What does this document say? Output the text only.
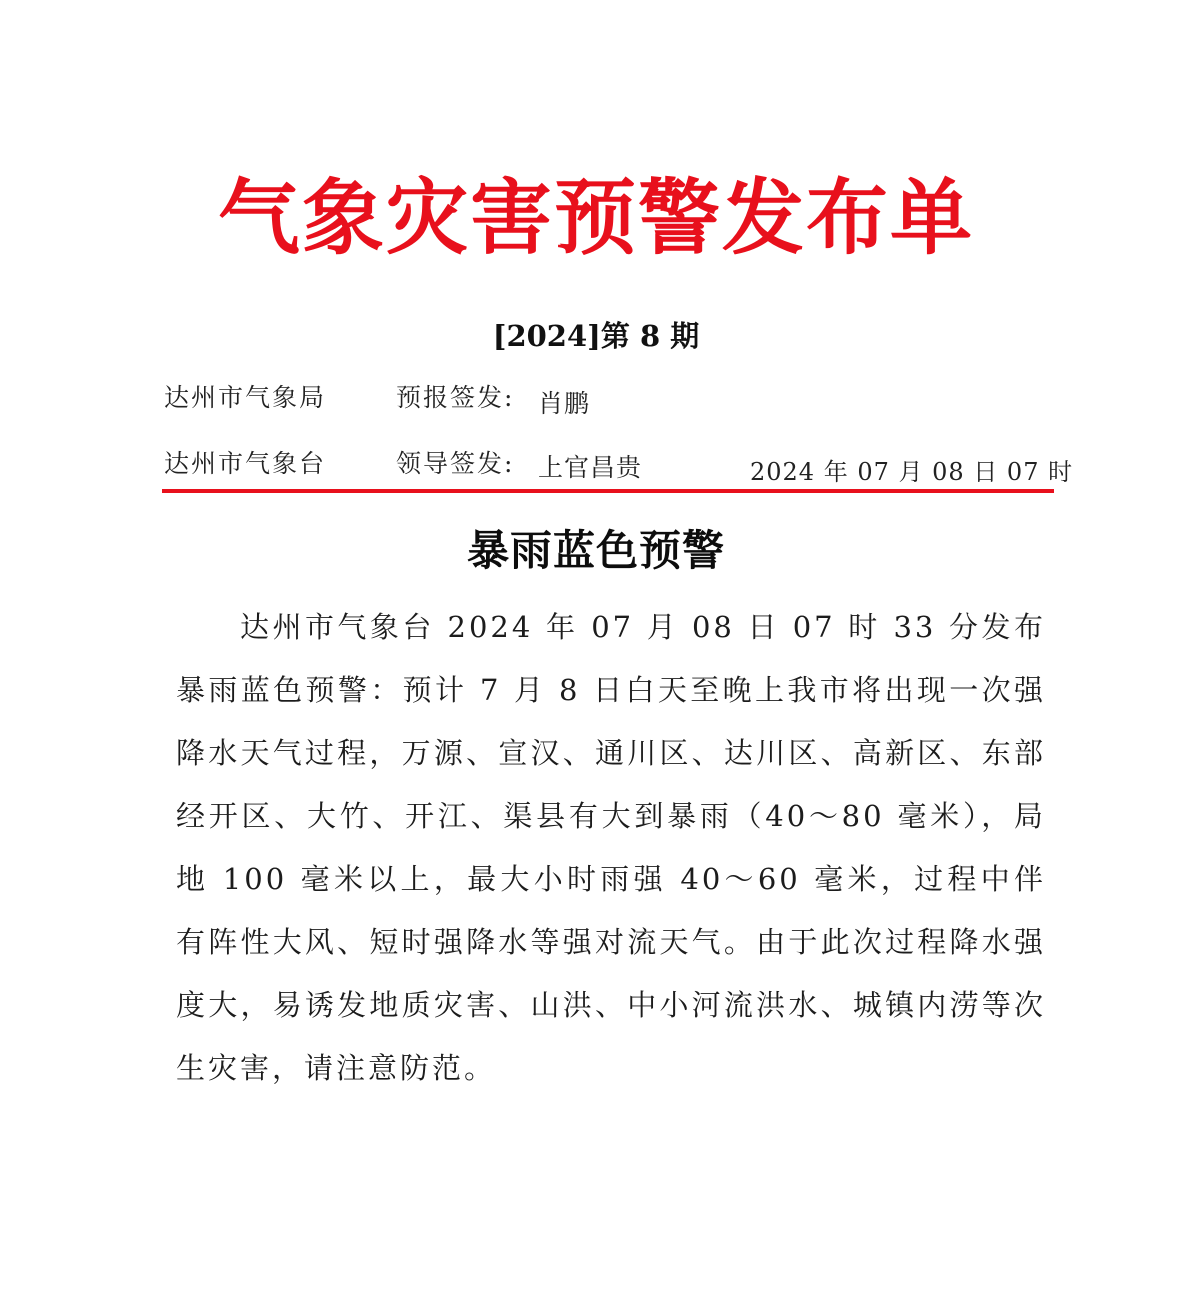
气象灾害预警发布单
[2024]第 8 期
达州市气象局	预报签发: 肖鹏
达州市气象台	领导签发: 上官昌贵	2024 年 07 月 08 日 07 时
暴雨蓝色预警

达州市气象台 2024 年 07 月 08 日 07 时 33 分发布暴雨蓝色预警：预计 7 月 8 日白天至晚上我市将出现一次强降水天气过程，万源、宣汉、通川区、达川区、高新区、东部经开区、大竹、开江、渠县有大到暴雨（40～80 毫米），局地 100 毫米以上，最大小时雨强 40～60 毫米，过程中伴有阵性大风、短时强降水等强对流天气。由于此次过程降水强度大，易诱发地质灾害、山洪、中小河流洪水、城镇内涝等次生灾害，请注意防范。
